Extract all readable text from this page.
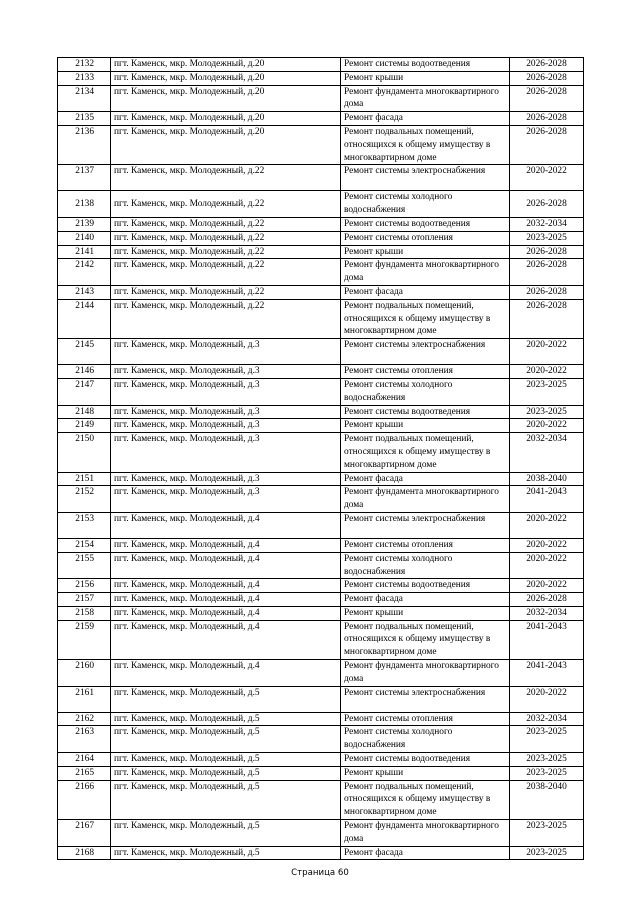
2132	пгт. Каменск, мкр. Молодежный, д.20	Ремонт системы водоотведения	2026-2028
2133	пгт. Каменск, мкр. Молодежный, д.20	Ремонт крыши	2026-2028
2134	пгт. Каменск, мкр. Молодежный, д.20	Ремонт фундамента многоквартирного дома	2026-2028
2135	пгт. Каменск, мкр. Молодежный, д.20	Ремонт фасада	2026-2028
2136	пгт. Каменск, мкр. Молодежный, д.20	Ремонт подвальных помещений, относящихся к общему имуществу в многоквартирном доме	2026-2028
2137	пгт. Каменск, мкр. Молодежный, д.22	Ремонт системы электроснабжения	2020-2022
2138	пгт. Каменск, мкр. Молодежный, д.22	Ремонт системы холодного водоснабжения	2026-2028
2139	пгт. Каменск, мкр. Молодежный, д.22	Ремонт системы водоотведения	2032-2034
2140	пгт. Каменск, мкр. Молодежный, д.22	Ремонт системы отопления	2023-2025
2141	пгт. Каменск, мкр. Молодежный, д.22	Ремонт крыши	2026-2028
2142	пгт. Каменск, мкр. Молодежный, д.22	Ремонт фундамента многоквартирного дома	2026-2028
2143	пгт. Каменск, мкр. Молодежный, д.22	Ремонт фасада	2026-2028
2144	пгт. Каменск, мкр. Молодежный, д.22	Ремонт подвальных помещений, относящихся к общему имуществу в многоквартирном доме	2026-2028
2145	пгт. Каменск, мкр. Молодежный, д.3	Ремонт системы электроснабжения	2020-2022
2146	пгт. Каменск, мкр. Молодежный, д.3	Ремонт системы отопления	2020-2022
2147	пгт. Каменск, мкр. Молодежный, д.3	Ремонт системы холодного водоснабжения	2023-2025
2148	пгт. Каменск, мкр. Молодежный, д.3	Ремонт системы водоотведения	2023-2025
2149	пгт. Каменск, мкр. Молодежный, д.3	Ремонт крыши	2020-2022
2150	пгт. Каменск, мкр. Молодежный, д.3	Ремонт подвальных помещений, относящихся к общему имуществу в многоквартирном доме	2032-2034
2151	пгт. Каменск, мкр. Молодежный, д.3	Ремонт фасада	2038-2040
2152	пгт. Каменск, мкр. Молодежный, д.3	Ремонт фундамента многоквартирного дома	2041-2043
2153	пгт. Каменск, мкр. Молодежный, д.4	Ремонт системы электроснабжения	2020-2022
2154	пгт. Каменск, мкр. Молодежный, д.4	Ремонт системы отопления	2020-2022
2155	пгт. Каменск, мкр. Молодежный, д.4	Ремонт системы холодного водоснабжения	2020-2022
2156	пгт. Каменск, мкр. Молодежный, д.4	Ремонт системы водоотведения	2020-2022
2157	пгт. Каменск, мкр. Молодежный, д.4	Ремонт фасада	2026-2028
2158	пгт. Каменск, мкр. Молодежный, д.4	Ремонт крыши	2032-2034
2159	пгт. Каменск, мкр. Молодежный, д.4	Ремонт подвальных помещений, относящихся к общему имуществу в многоквартирном доме	2041-2043
2160	пгт. Каменск, мкр. Молодежный, д.4	Ремонт фундамента многоквартирного дома	2041-2043
2161	пгт. Каменск, мкр. Молодежный, д.5	Ремонт системы электроснабжения	2020-2022
2162	пгт. Каменск, мкр. Молодежный, д.5	Ремонт системы отопления	2032-2034
2163	пгт. Каменск, мкр. Молодежный, д.5	Ремонт системы холодного водоснабжения	2023-2025
2164	пгт. Каменск, мкр. Молодежный, д.5	Ремонт системы водоотведения	2023-2025
2165	пгт. Каменск, мкр. Молодежный, д.5	Ремонт крыши	2023-2025
2166	пгт. Каменск, мкр. Молодежный, д.5	Ремонт подвальных помещений, относящихся к общему имуществу в многоквартирном доме	2038-2040
2167	пгт. Каменск, мкр. Молодежный, д.5	Ремонт фундамента многоквартирного дома	2023-2025
2168	пгт. Каменск, мкр. Молодежный, д.5	Ремонт фасада	2023-2025
Страница 60
